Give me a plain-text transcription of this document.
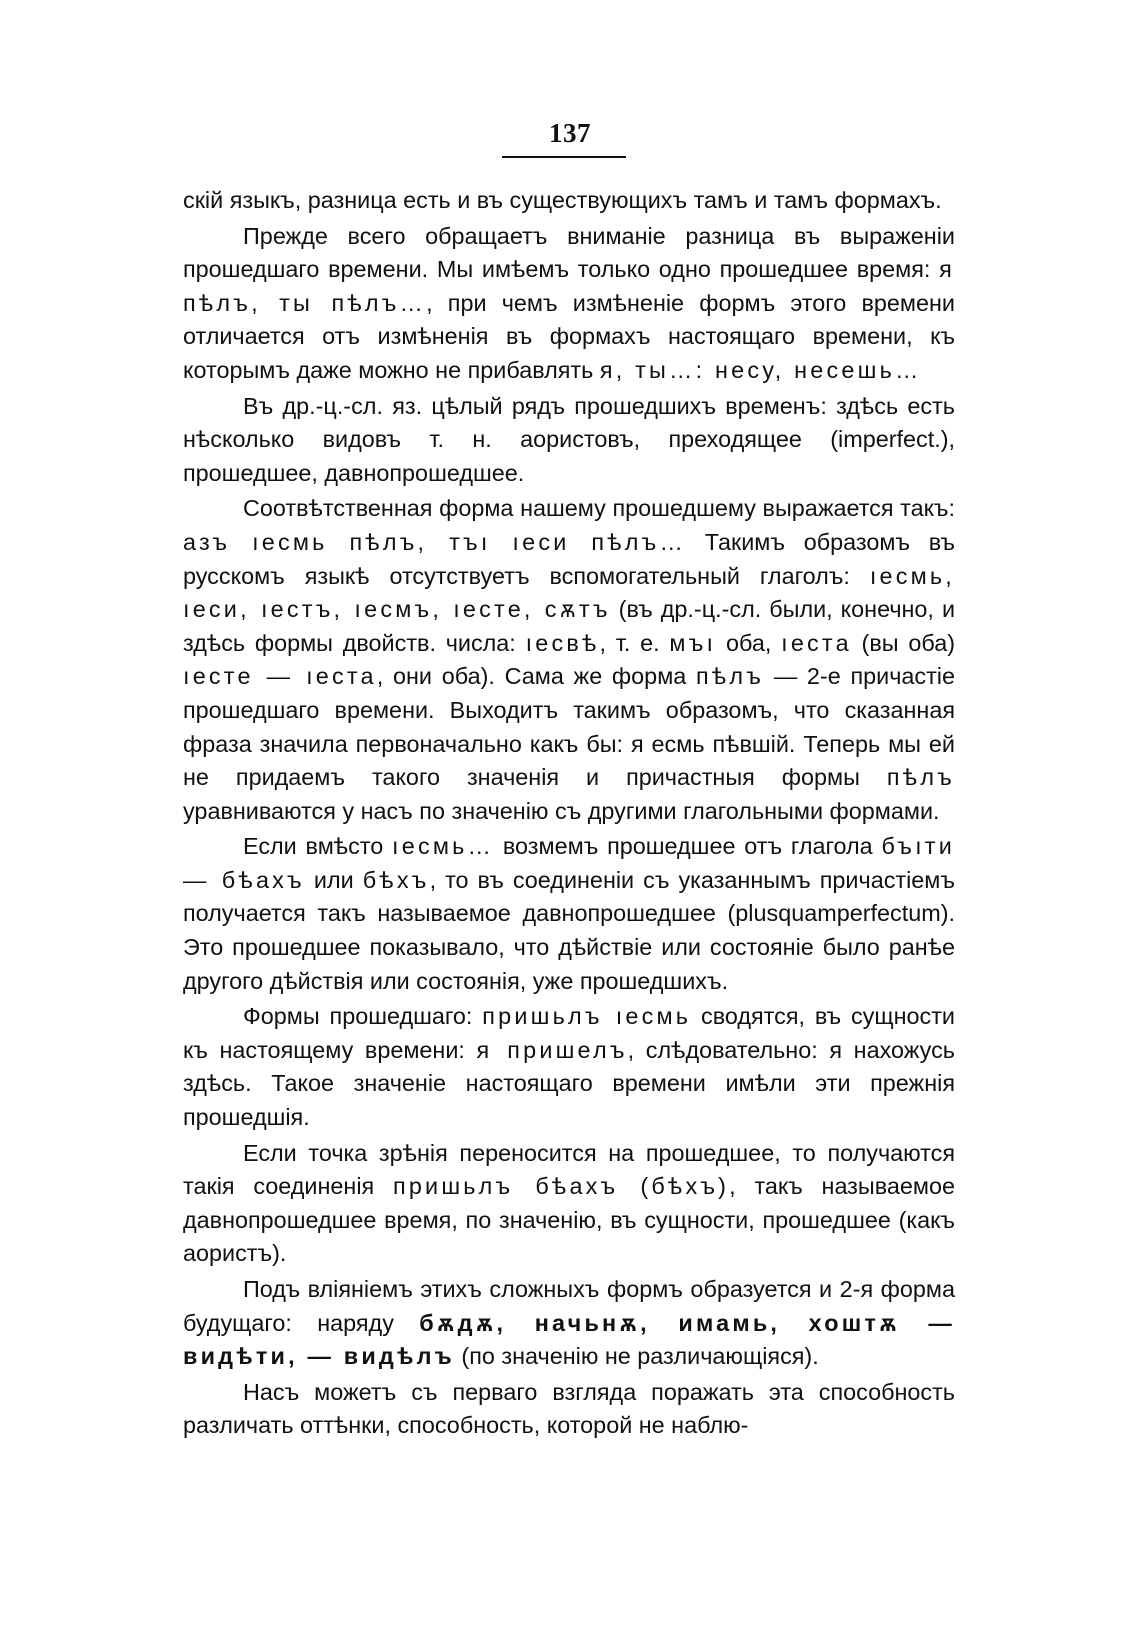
137

скій языкъ, разница есть и въ существующихъ тамъ и тамъ формахъ.

Прежде всего обращаетъ вниманіе разница въ выраженіи прошедшаго времени. Мы имѣемъ только одно прошедшее время: я пѣлъ, ты пѣлъ…, при чемъ измѣненіе формъ этого времени отличается отъ измѣненія въ формахъ настоящаго времени, къ которымъ даже можно не прибавлять я, ты…: несу, несешь…

Въ др.-ц.-сл. яз. цѣлый рядъ прошедшихъ временъ: здѣсь есть нѣсколько видовъ т. н. аористовъ, преходящее (imperfect.), прошедшее, давнопрошедшее.

Соотвѣтственная форма нашему прошедшему выражается такъ: азъ ıесмь пѣлъ, тъı ıеси пѣлъ… Такимъ образомъ въ русскомъ языкѣ отсутствуетъ вспомогательный глаголъ: ıесмь, ıеси, ıестъ, ıесмъ, ıесте, сѫтъ (въ др.-ц.-сл. были, конечно, и здѣсь формы двойств. числа: ıесвѣ, т. е. мъı оба, ıеста (вы оба) ıесте — ıеста, они оба). Сама же форма пѣлъ — 2-е причастіе прошедшаго времени. Выходитъ такимъ образомъ, что сказанная фраза значила первоначально какъ бы: я есмь пѣвшій. Теперь мы ей не придаемъ такого значенія и причастныя формы пѣлъ уравниваются у насъ по значенію съ другими глагольными формами.

Если вмѣсто ıесмь… возмемъ прошедшее отъ глагола бъıти — бѣахъ или бѣхъ, то въ соединеніи съ указаннымъ причастіемъ получается такъ называемое давнопрошедшее (plusquamperfectum). Это прошедшее показывало, что дѣйствіе или состояніе было ранѣе другого дѣйствія или состоянія, уже прошедшихъ.

Формы прошедшаго: пришьлъ ıесмь сводятся, въ сущности къ настоящему времени: я пришелъ, слѣдовательно: я нахожусь здѣсь. Такое значеніе настоящаго времени имѣли эти прежнія прошедшія.

Если точка зрѣнія переносится на прошедшее, то получаются такія соединенія пришьлъ бѣахъ (бѣхъ), такъ называемое давнопрошедшее время, по значенію, въ сущности, прошедшее (какъ аористъ).

Подъ вліяніемъ этихъ сложныхъ формъ образуется и 2-я форма будущаго: наряду бѫдѫ, начьнѫ, имамь, хоштѫ — видѣти, — видѣлъ (по значенію не различающіяся).

Насъ можетъ съ перваго взгляда поражать эта способность различать оттѣнки, способность, которой не наблю-
